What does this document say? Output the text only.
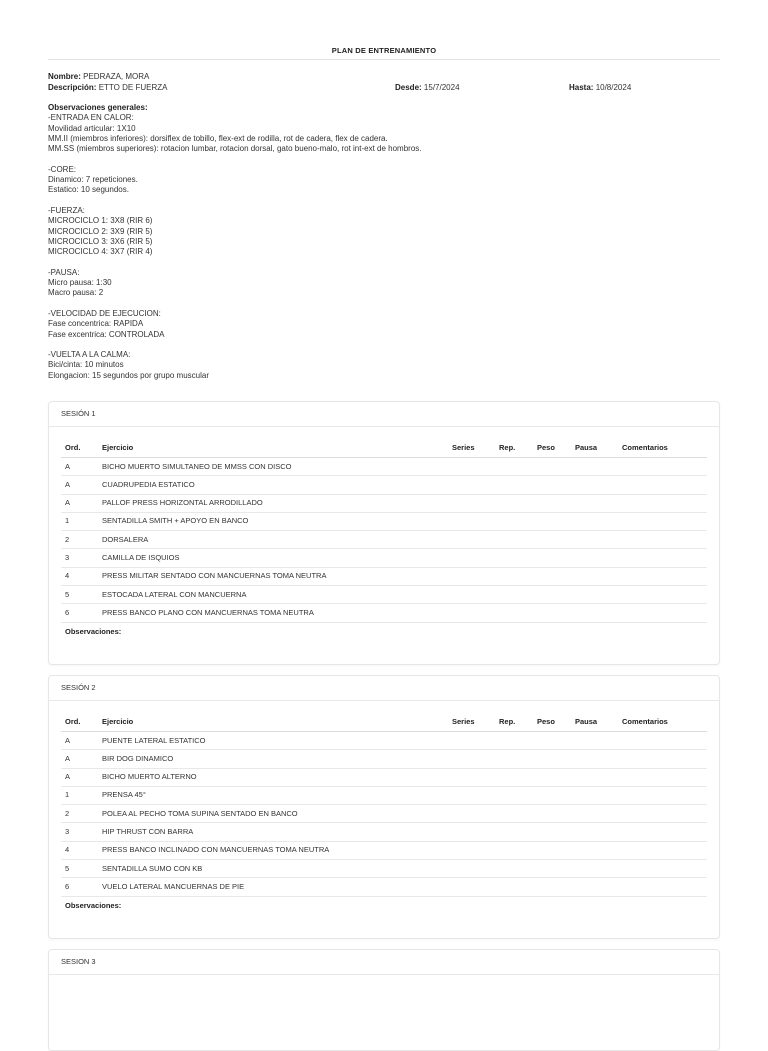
PLAN DE ENTRENAMIENTO
Nombre: PEDRAZA, MORA
Descripción: ETTO DE FUERZA	Desde: 15/7/2024	Hasta: 10/8/2024
Observaciones generales:
-ENTRADA EN CALOR:
Movilidad articular: 1X10
MM.II (miembros inferiores): dorsiflex de tobillo, flex-ext de rodilla, rot de cadera, flex de cadera.
MM.SS (miembros superiores): rotacion lumbar, rotacion dorsal, gato bueno-malo, rot int-ext de hombros.
-CORE:
Dinamico: 7 repeticiones.
Estatico: 10 segundos.
-FUERZA:
MICROCICLO 1: 3X8 (RIR 6)
MICROCICLO 2: 3X9 (RIR 5)
MICROCICLO 3: 3X6 (RIR 5)
MICROCICLO 4: 3X7 (RIR 4)
-PAUSA:
Micro pausa: 1:30
Macro pausa: 2
-VELOCIDAD DE EJECUCION:
Fase concentrica: RAPIDA
Fase excentrica: CONTROLADA
-VUELTA A LA CALMA:
Bici/cinta: 10 minutos
Elongacion: 15 segundos por grupo muscular
SESIÓN 1
Ord.	Ejercicio	Series	Rep.	Peso	Pausa	Comentarios
A	BICHO MUERTO SIMULTANEO DE MMSS CON DISCO					
A	CUADRUPEDIA ESTATICO					
A	PALLOF PRESS HORIZONTAL ARRODILLADO					
1	SENTADILLA SMITH + APOYO EN BANCO					
2	DORSALERA					
3	CAMILLA DE ISQUIOS					
4	PRESS MILITAR SENTADO CON MANCUERNAS TOMA NEUTRA					
5	ESTOCADA LATERAL CON MANCUERNA					
6	PRESS BANCO PLANO CON MANCUERNAS TOMA NEUTRA					
Observaciones:
SESIÓN 2
Ord.	Ejercicio	Series	Rep.	Peso	Pausa	Comentarios
A	PUENTE LATERAL ESTATICO					
A	BIR DOG DINAMICO					
A	BICHO MUERTO ALTERNO					
1	PRENSA 45°					
2	POLEA AL PECHO TOMA SUPINA SENTADO EN BANCO					
3	HIP THRUST CON BARRA					
4	PRESS BANCO INCLINADO CON MANCUERNAS TOMA NEUTRA					
5	SENTADILLA SUMO CON KB					
6	VUELO LATERAL MANCUERNAS DE PIE					
Observaciones:
SESION 3
